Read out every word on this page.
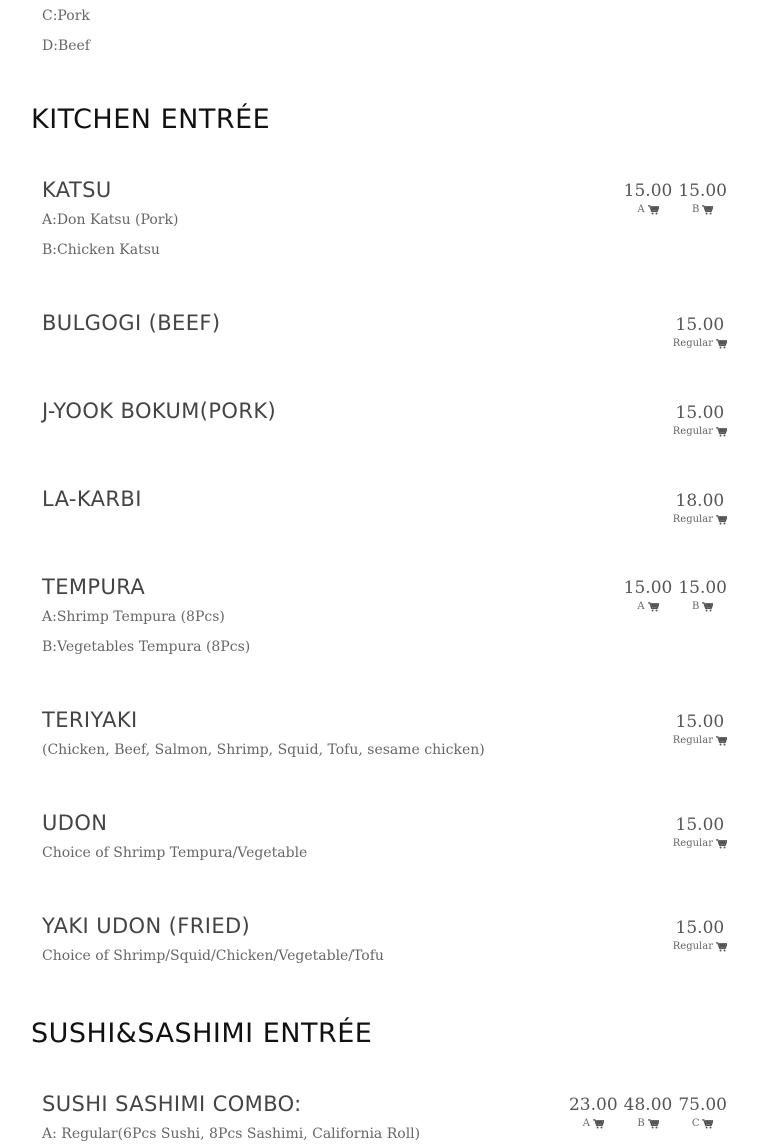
C:Pork
D:Beef
KITCHEN ENTRÉE
KATSU
A:Don Katsu (Pork)
B:Chicken Katsu
15.00
A
15.00
B
BULGOGI (BEEF)	15.00
Regular
J-YOOK BOKUM(PORK)	15.00
Regular
LA-KARBI	18.00
Regular
TEMPURA
A:Shrimp Tempura (8Pcs)
B:Vegetables Tempura (8Pcs)
15.00
A
15.00
B
TERIYAKI
(Chicken, Beef, Salmon, Shrimp, Squid, Tofu, sesame chicken)
15.00
Regular
UDON
Choice of Shrimp Tempura/Vegetable
15.00
Regular
YAKI UDON (FRIED)
Choice of Shrimp/Squid/Chicken/Vegetable/Tofu
15.00
Regular
SUSHI&SASHIMI ENTRÉE
SUSHI SASHIMI COMBO:
A: Regular(6Pcs Sushi, 8Pcs Sashimi, California Roll)
23.00
A
48.00
B
75.00
C
